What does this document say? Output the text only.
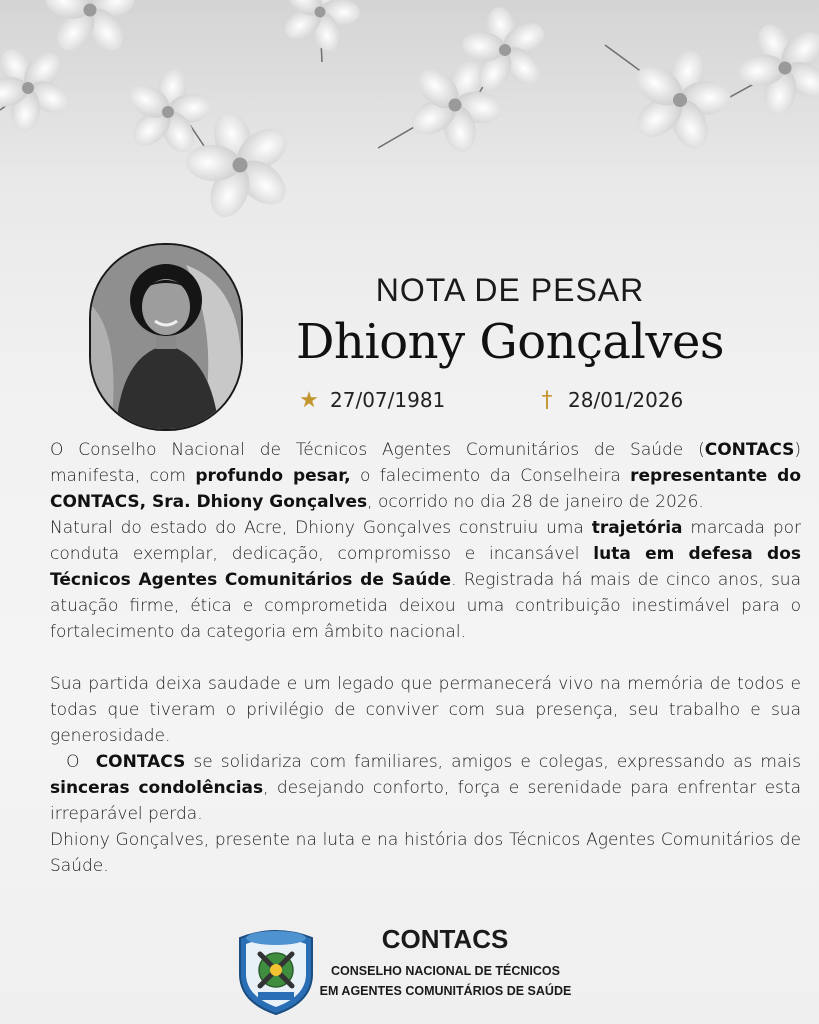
NOTA DE PESAR
Dhiony Gonçalves
★ 27/07/1981	† 28/01/2026

O Conselho Nacional de Técnicos Agentes Comunitários de Saúde (CONTACS) manifesta, com profundo pesar, o falecimento da Conselheira representante do CONTACS, Sra. Dhiony Gonçalves, ocorrido no dia 28 de janeiro de 2026.

Natural do estado do Acre, Dhiony Gonçalves construiu uma trajetória marcada por conduta exemplar, dedicação, compromisso e incansável luta em defesa dos Técnicos Agentes Comunitários de Saúde. Registrada há mais de cinco anos, sua atuação firme, ética e comprometida deixou uma contribuição inestimável para o fortalecimento da categoria em âmbito nacional.

Sua partida deixa saudade e um legado que permanecerá vivo na memória de todos e todas que tiveram o privilégio de conviver com sua presença, seu trabalho e sua generosidade.

O  CONTACS se solidariza com familiares, amigos e colegas, expressando as mais sinceras condolências, desejando conforto, força e serenidade para enfrentar esta irreparável perda.

Dhiony Gonçalves, presente na luta e na história dos Técnicos Agentes Comunitários de Saúde.

CONTACS
CONSELHO NACIONAL DE TÉCNICOS
EM AGENTES COMUNITÁRIOS DE SAÚDE
